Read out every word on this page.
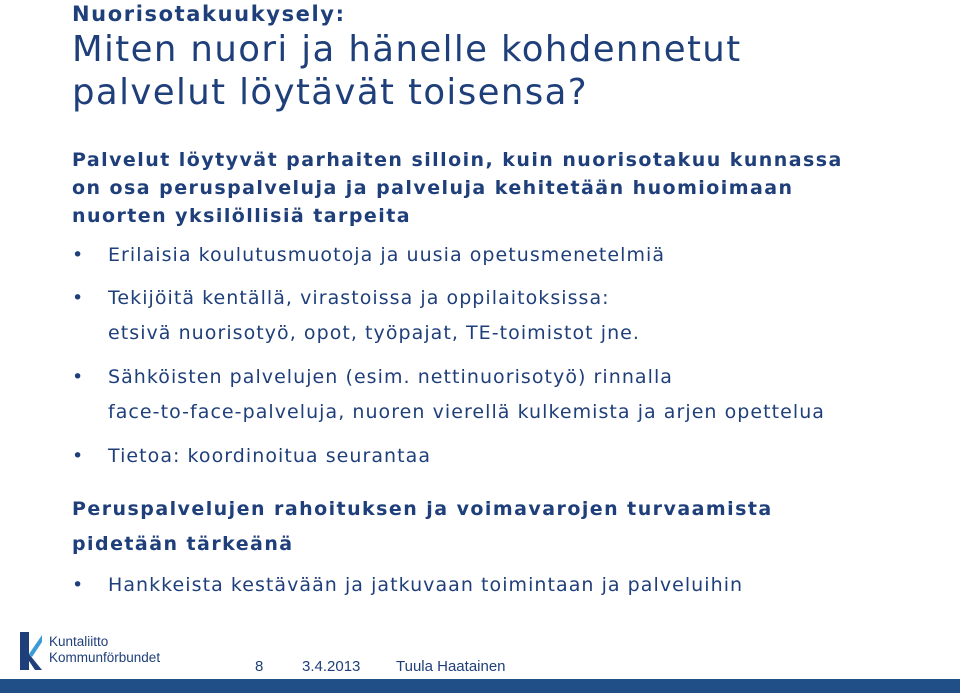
Nuorisotakuukysely:
Miten nuori ja hänelle kohdennetut
palvelut löytävät toisensa?
Palvelut löytyvät parhaiten silloin, kuin nuorisotakuu kunnassa
on osa peruspalveluja ja palveluja kehitetään huomioimaan
nuorten yksilöllisiä tarpeita
• Erilaisia koulutusmuotoja ja uusia opetusmenetelmiä
• Tekijöitä kentällä, virastoissa ja oppilaitoksissa:
etsivä nuorisotyö, opot, työpajat, TE-toimistot jne.
• Sähköisten palvelujen (esim. nettinuorisotyö) rinnalla
face-to-face-palveluja, nuoren vierellä kulkemista ja arjen opettelua
• Tietoa: koordinoitua seurantaa
Peruspalvelujen rahoituksen ja voimavarojen turvaamista
pidetään tärkeänä
• Hankkeista kestävään ja jatkuvaan toimintaan ja palveluihin
Kuntaliitto
Kommunförbundet
8	3.4.2013 Tuula Haatainen
